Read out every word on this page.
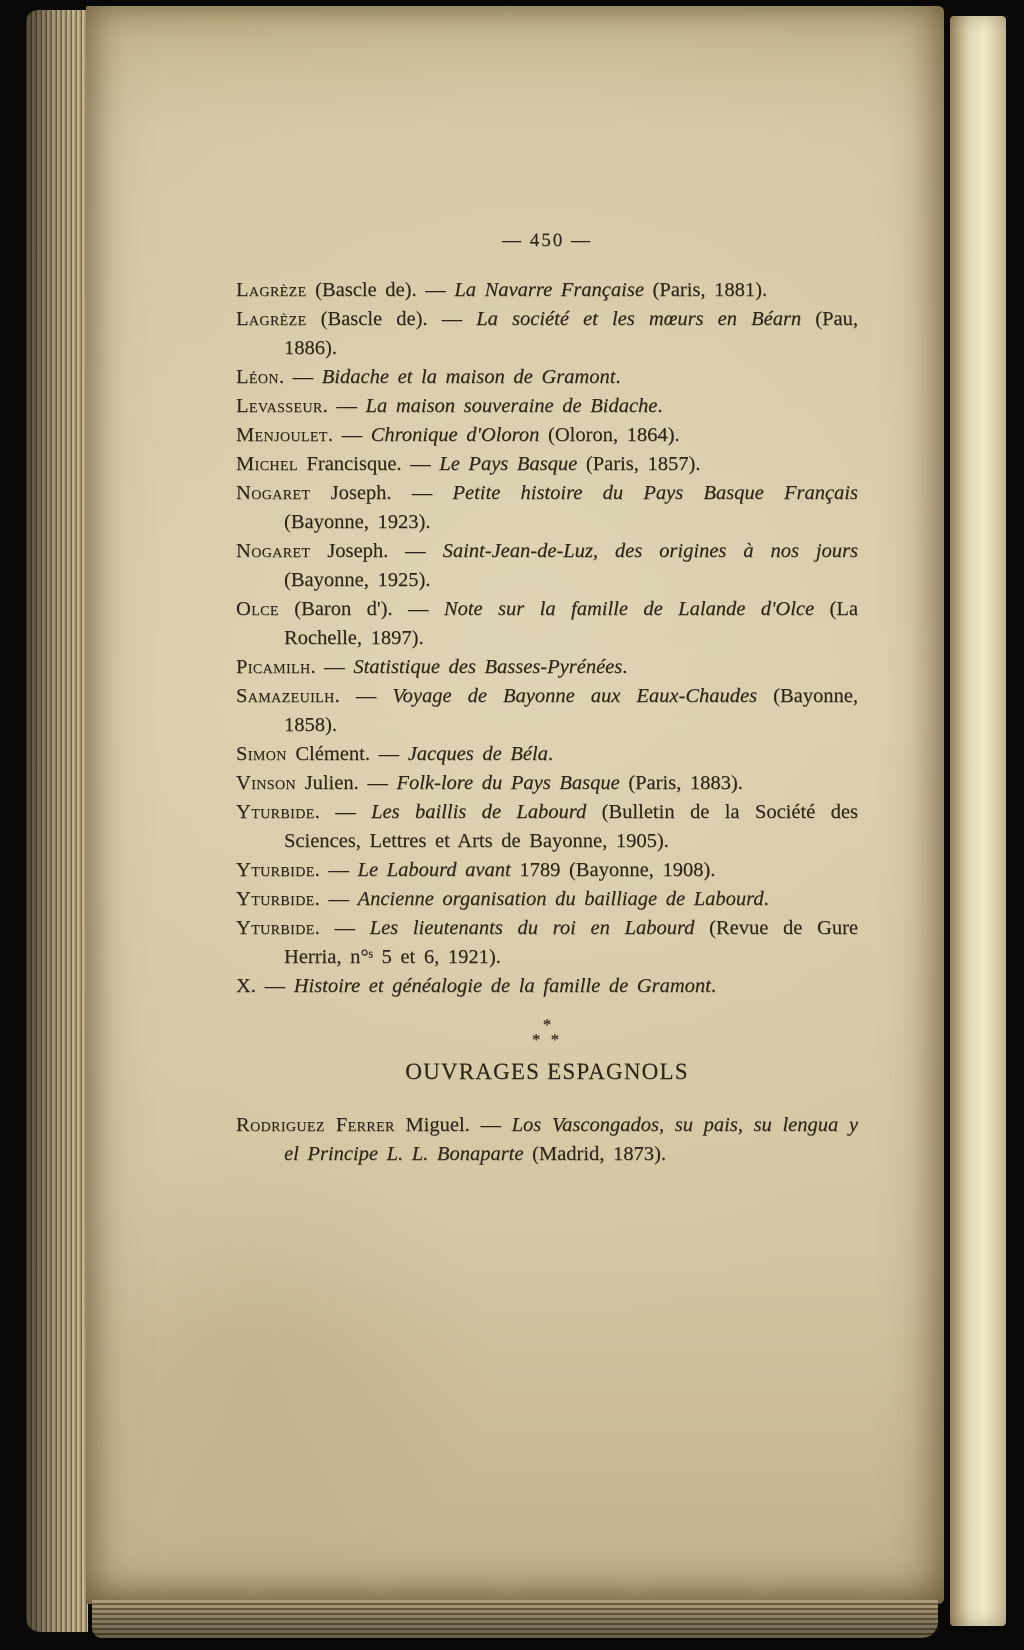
— 450 —
Lagrèze (Bascle de). — La Navarre Française (Paris, 1881).
Lagrèze (Bascle de). — La société et les mœurs en Béarn (Pau, 1886).
Léon. — Bidache et la maison de Gramont.
Levasseur. — La maison souveraine de Bidache.
Menjoulet. — Chronique d'Oloron (Oloron, 1864).
Michel Francisque. — Le Pays Basque (Paris, 1857).
Nogaret Joseph. — Petite histoire du Pays Basque Français (Bayonne, 1923).
Nogaret Joseph. — Saint-Jean-de-Luz, des origines à nos jours (Bayonne, 1925).
Olce (Baron d'). — Note sur la famille de Lalande d'Olce (La Rochelle, 1897).
Picamilh. — Statistique des Basses-Pyrénées.
Samazeuilh. — Voyage de Bayonne aux Eaux-Chaudes (Bayonne, 1858).
Simon Clément. — Jacques de Béla.
Vinson Julien. — Folk-lore du Pays Basque (Paris, 1883).
Yturbide. — Les baillis de Labourd (Bulletin de la Société des Sciences, Lettres et Arts de Bayonne, 1905).
Yturbide. — Le Labourd avant 1789 (Bayonne, 1908).
Yturbide. — Ancienne organisation du bailliage de Labourd.
Yturbide. — Les lieutenants du roi en Labourd (Revue de Gure Herria, n°ˢ 5 et 6, 1921).
X. — Histoire et généalogie de la famille de Gramont.
*
* *
OUVRAGES ESPAGNOLS
Rodriguez Ferrer Miguel. — Los Vascongados, su pais, su lengua y el Principe L. L. Bonaparte (Madrid, 1873).
